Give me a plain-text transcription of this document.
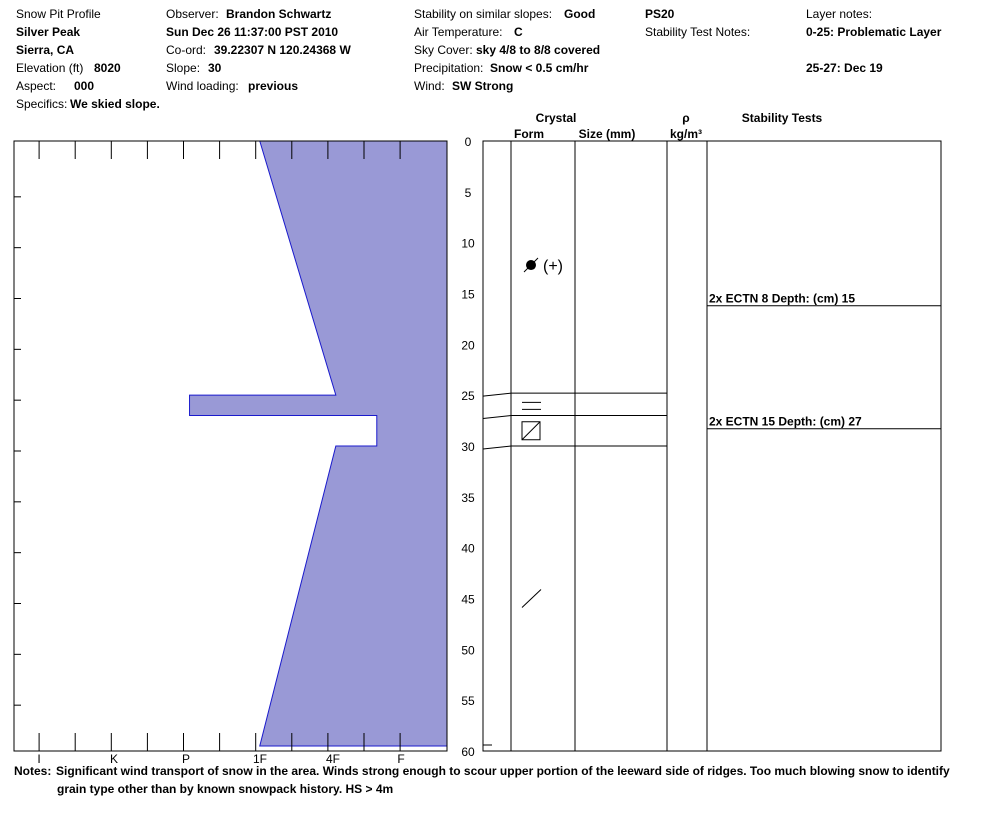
Snow Pit Profile
Silver Peak
Sierra, CA
Elevation (ft) 8020
Aspect: 000
Specifics: We skied slope.
Observer: Brandon Schwartz
Sun Dec 26 11:37:00 PST 2010
Co-ord: 39.22307 N 120.24368 W
Slope: 30
Wind loading: previous
Stability on similar slopes: Good
Air Temperature: C
Sky Cover: sky 4/8 to 8/8 covered
Precipitation: Snow < 0.5 cm/hr
Wind: SW Strong
PS20
Stability Test Notes:
Layer notes:
0-25: Problematic Layer
25-27: Dec 19
I	K	P	1F	4F	F
0
5
10
15
20
25
30
35
40
45
50
55
60
Crystal
Form	Size (mm)
ρ
kg/m³
Stability Tests
(+)
2x ECTN 8 Depth: (cm) 15
2x ECTN 15 Depth: (cm) 27
Notes: Significant wind transport of snow in the area. Winds strong enough to scour upper portion of the leeward side of ridges. Too much blowing snow to identify
grain type other than by known snowpack history. HS > 4m
